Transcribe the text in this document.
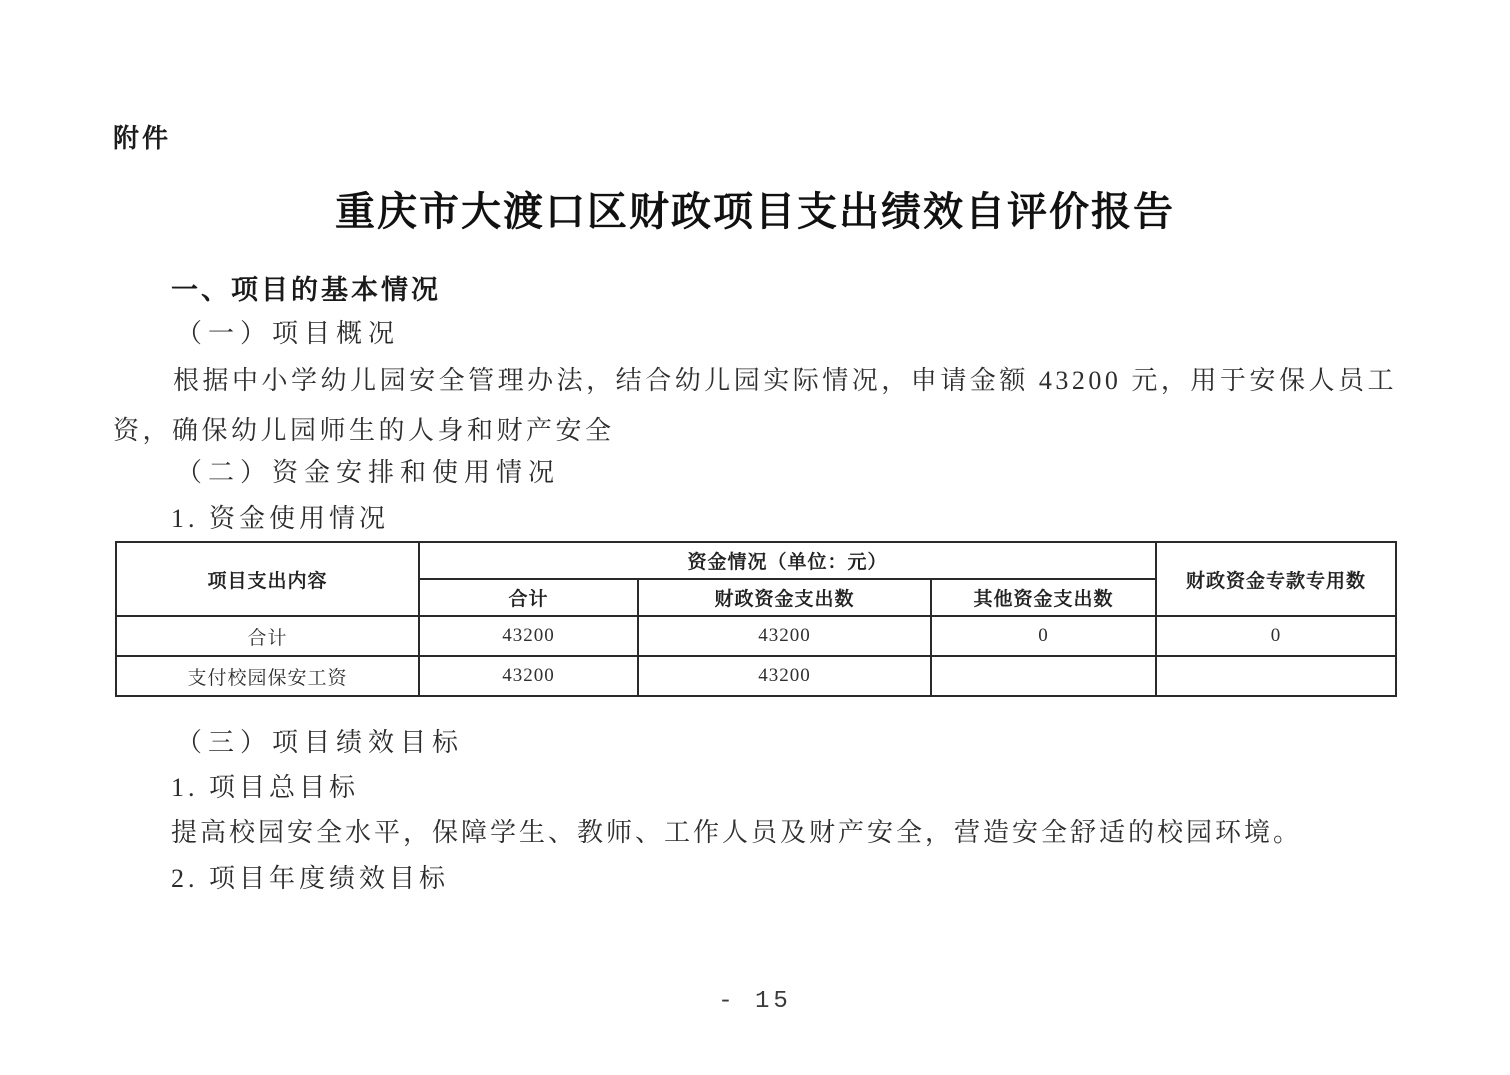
附件
重庆市大渡口区财政项目支出绩效自评价报告
一、项目的基本情况
（一）项目概况
根据中小学幼儿园安全管理办法，结合幼儿园实际情况，申请金额 43200 元，用于安保人员工资，确保幼儿园师生的人身和财产安全
（二）资金安排和使用情况
1. 资金使用情况
项目支出内容	资金情况（单位：元）			财政资金专款专用数
	合计	财政资金支出数	其他资金支出数	
合计	43200	43200	0	0
支付校园保安工资	43200	43200		
（三）项目绩效目标
1. 项目总目标
提高校园安全水平，保障学生、教师、工作人员及财产安全，营造安全舒适的校园环境。
2. 项目年度绩效目标
- 15
